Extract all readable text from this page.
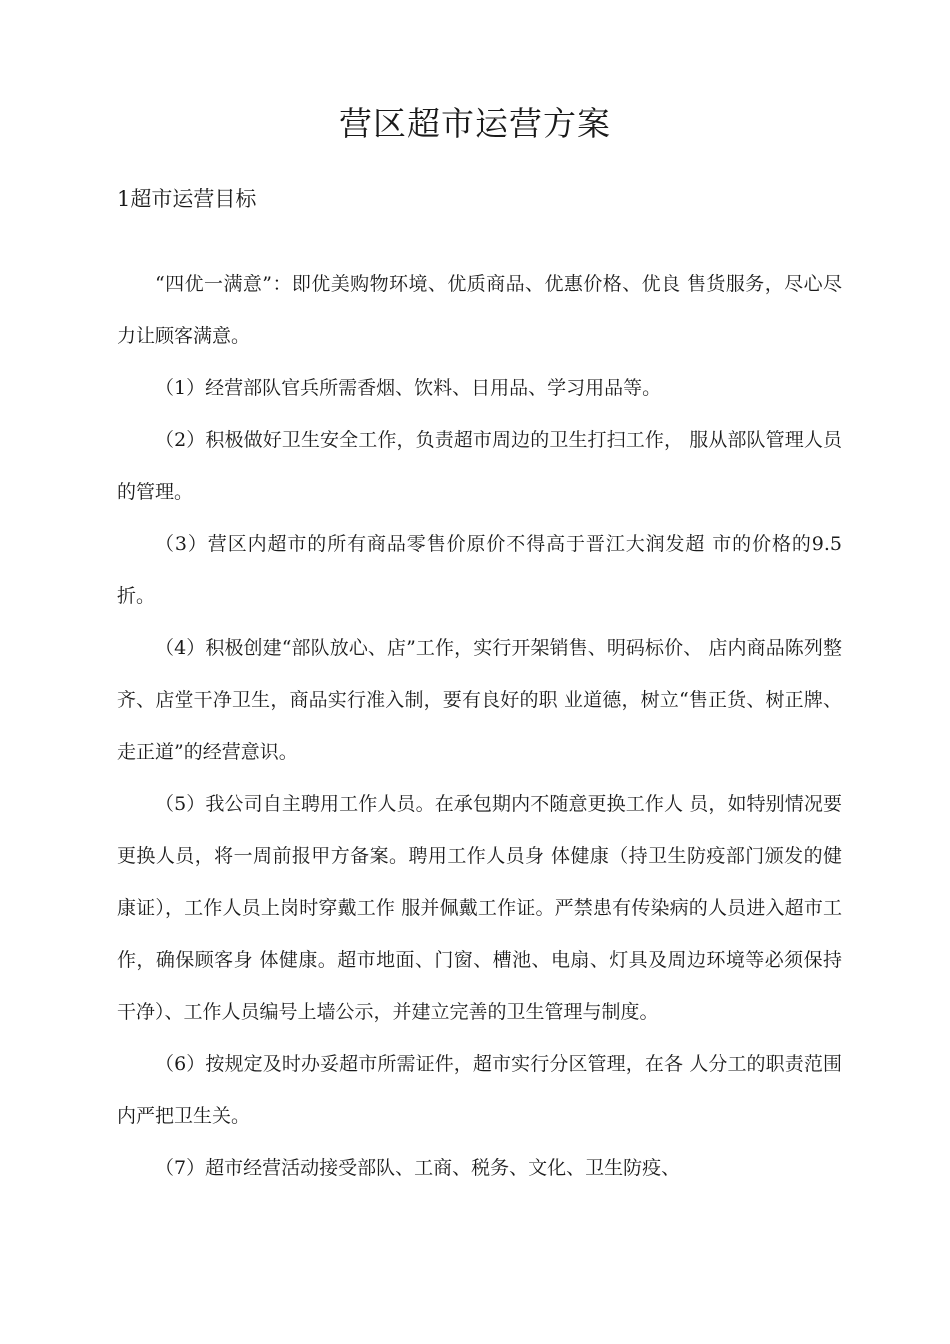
营区超市运营方案
1超市运营目标

“四优一满意”：即优美购物环境、优质商品、优惠价格、优良 售货服务，尽心尽力让顾客满意。

（1）经营部队官兵所需香烟、饮料、日用品、学习用品等。

（2）积极做好卫生安全工作，负责超市周边的卫生打扫工作， 服从部队管理人员的管理。

（3）营区内超市的所有商品零售价原价不得高于晋江大润发超 市的价格的9.5折。

（4）积极创建“部队放心、店”工作，实行开架销售、明码标价、 店内商品陈列整齐、店堂干净卫生，商品实行准入制，要有良好的职 业道德，树立“售正货、树正牌、走正道”的经营意识。

（5）我公司自主聘用工作人员。在承包期内不随意更换工作人 员，如特别情况要更换人员，将一周前报甲方备案。聘用工作人员身 体健康（持卫生防疫部门颁发的健康证），工作人员上岗时穿戴工作 服并佩戴工作证。严禁患有传染病的人员进入超市工作，确保顾客身 体健康。超市地面、门窗、槽池、电扇、灯具及周边环境等必须保持 干净）、工作人员编号上墙公示，并建立完善的卫生管理与制度。

（6）按规定及时办妥超市所需证件，超市实行分区管理，在各 人分工的职责范围内严把卫生关。

（7）超市经营活动接受部队、工商、税务、文化、卫生防疫、
